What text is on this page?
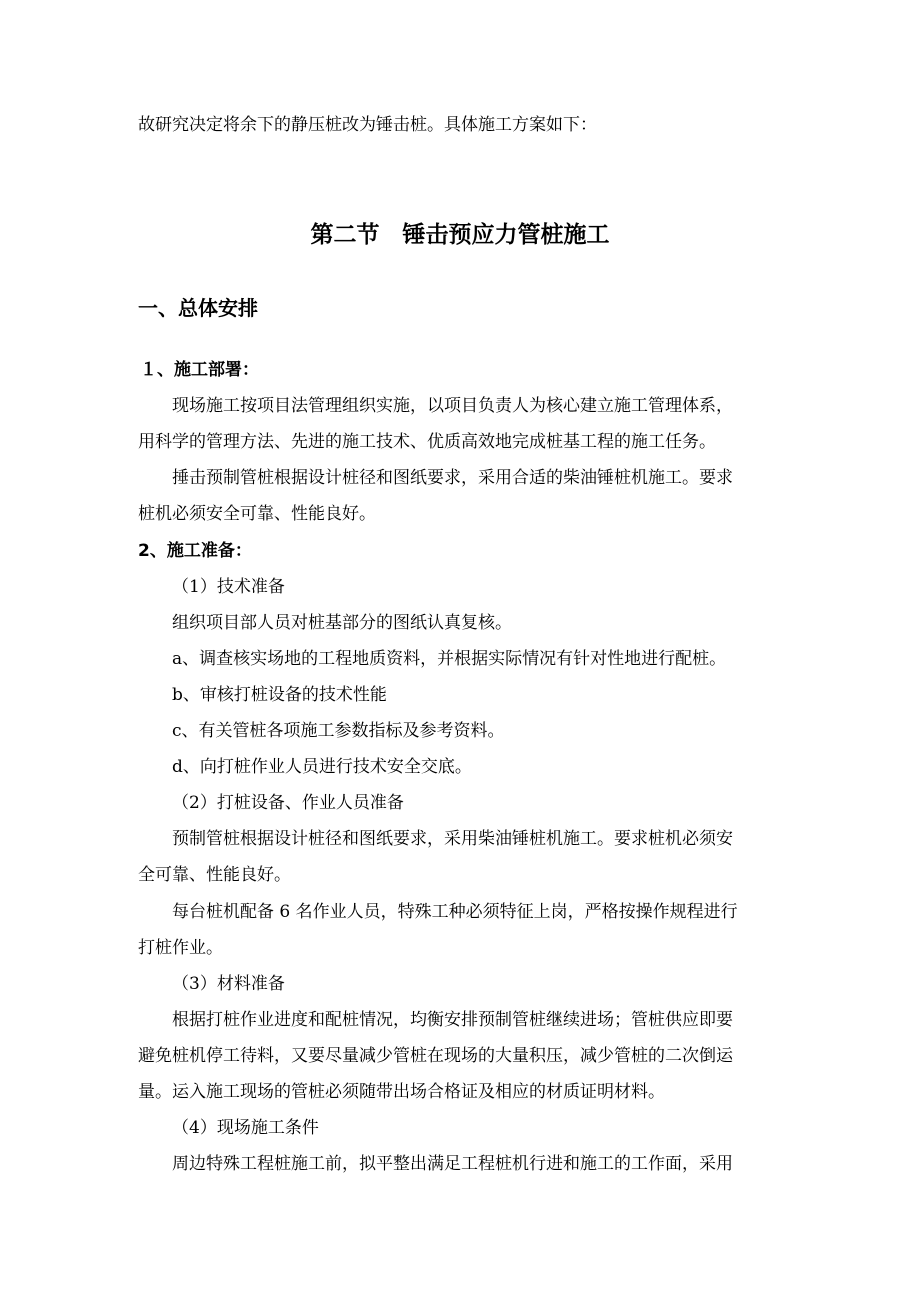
故研究决定将余下的静压桩改为锤击桩。具体施工方案如下：
第二节　锤击预应力管桩施工
一、总体安排
１、施工部署：
现场施工按项目法管理组织实施，以项目负责人为核心建立施工管理体系，
用科学的管理方法、先进的施工技术、优质高效地完成桩基工程的施工任务。
捶击预制管桩根据设计桩径和图纸要求，采用合适的柴油锤桩机施工。要求
桩机必须安全可靠、性能良好。
2、施工准备：
（1）技术准备
组织项目部人员对桩基部分的图纸认真复核。
a、调查核实场地的工程地质资料，并根据实际情况有针对性地进行配桩。
b、审核打桩设备的技术性能
c、有关管桩各项施工参数指标及参考资料。
d、向打桩作业人员进行技术安全交底。
（2）打桩设备、作业人员准备
预制管桩根据设计桩径和图纸要求，采用柴油锤桩机施工。要求桩机必须安
全可靠、性能良好。
每台桩机配备 6 名作业人员，特殊工种必须特征上岗，严格按操作规程进行
打桩作业。
（3）材料准备
根据打桩作业进度和配桩情况，均衡安排预制管桩继续进场；管桩供应即要
避免桩机停工待料，又要尽量减少管桩在现场的大量积压，减少管桩的二次倒运
量。运入施工现场的管桩必须随带出场合格证及相应的材质证明材料。
（4）现场施工条件
周边特殊工程桩施工前，拟平整出满足工程桩机行进和施工的工作面，采用
